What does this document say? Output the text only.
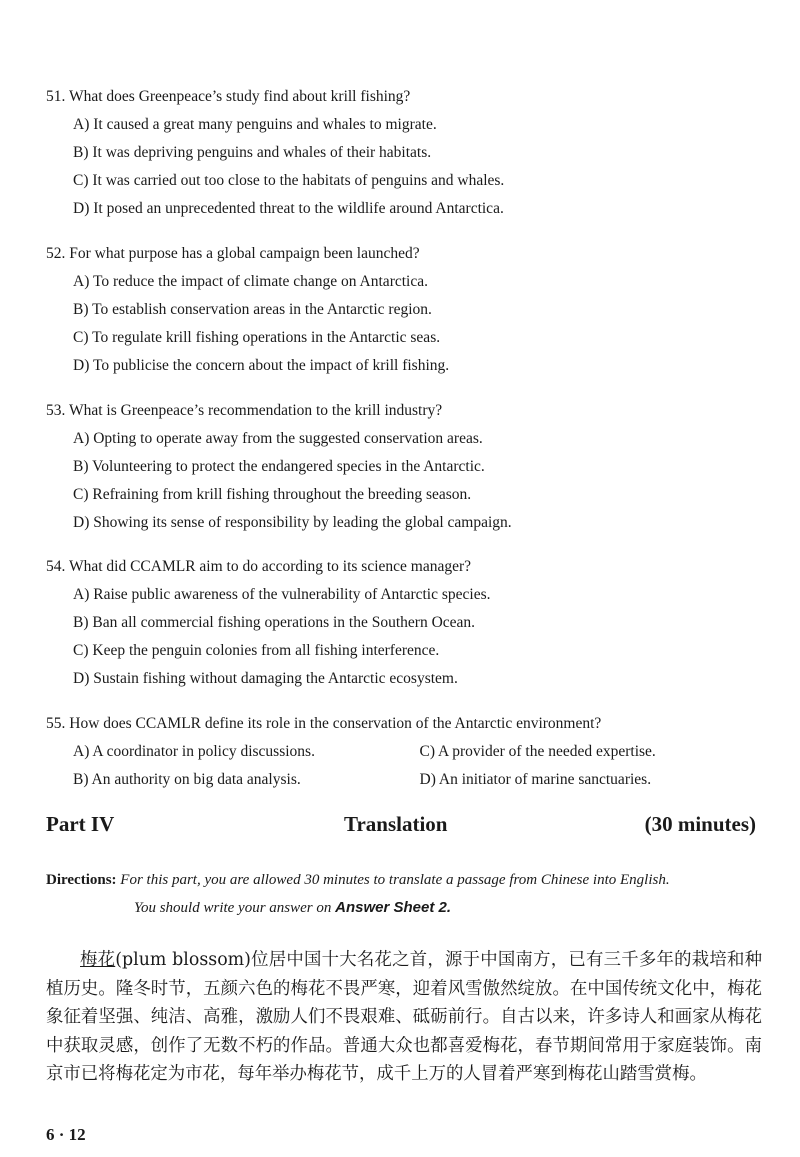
51. What does Greenpeace’s study find about krill fishing?
A) It caused a great many penguins and whales to migrate.
B) It was depriving penguins and whales of their habitats.
C) It was carried out too close to the habitats of penguins and whales.
D) It posed an unprecedented threat to the wildlife around Antarctica.
52. For what purpose has a global campaign been launched?
A) To reduce the impact of climate change on Antarctica.
B) To establish conservation areas in the Antarctic region.
C) To regulate krill fishing operations in the Antarctic seas.
D) To publicise the concern about the impact of krill fishing.
53. What is Greenpeace’s recommendation to the krill industry?
A) Opting to operate away from the suggested conservation areas.
B) Volunteering to protect the endangered species in the Antarctic.
C) Refraining from krill fishing throughout the breeding season.
D) Showing its sense of responsibility by leading the global campaign.
54. What did CCAMLR aim to do according to its science manager?
A) Raise public awareness of the vulnerability of Antarctic species.
B) Ban all commercial fishing operations in the Southern Ocean.
C) Keep the penguin colonies from all fishing interference.
D) Sustain fishing without damaging the Antarctic ecosystem.
55. How does CCAMLR define its role in the conservation of the Antarctic environment?
A) A coordinator in policy discussions.	C) A provider of the needed expertise.
B) An authority on big data analysis.	D) An initiator of marine sanctuaries.
Part IV	Translation	(30 minutes)
Directions: For this part, you are allowed 30 minutes to translate a passage from Chinese into English.
You should write your answer on Answer Sheet 2.
梅花(plum blossom)位居中国十大名花之首，源于中国南方，已有三千多年的栽培和种植历史。隆冬时节，五颜六色的梅花不畏严寒，迎着风雪傲然绽放。在中国传统文化中，梅花象征着坚强、纯洁、高雅，激励人们不畏艰难、砥砺前行。自古以来，许多诗人和画家从梅花中获取灵感，创作了无数不朽的作品。普通大众也都喜爱梅花，春节期间常用于家庭装饰。南京市已将梅花定为市花，每年举办梅花节，成千上万的人冒着严寒到梅花山踏雪赏梅。
6 · 12
